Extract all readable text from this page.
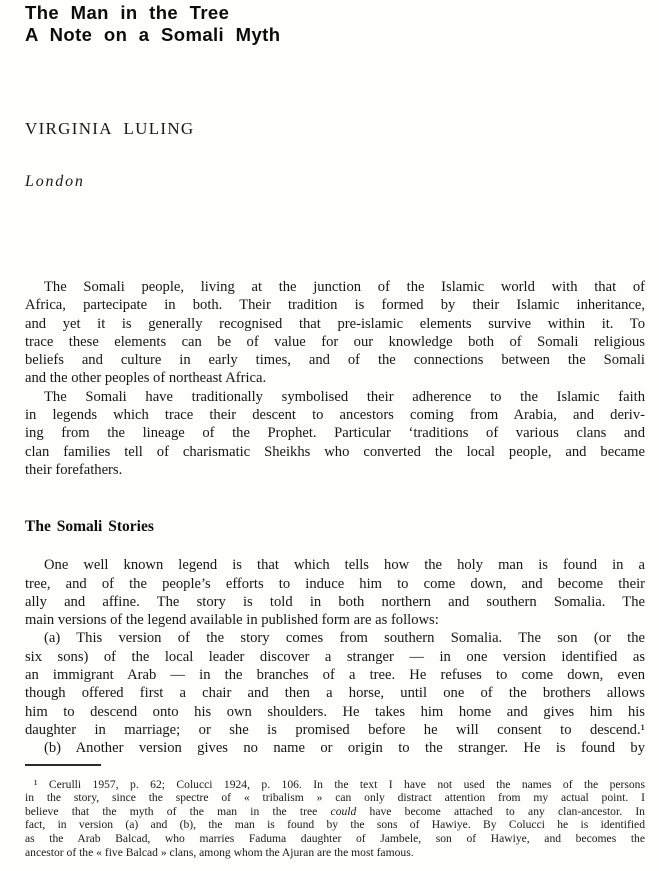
The Man in the Tree
A Note on a Somali Myth
VIRGINIA LULING
London
The Somali people, living at the junction of the Islamic world with that of
Africa, partecipate in both. Their tradition is formed by their Islamic inheritance,
and yet it is generally recognised that pre-islamic elements survive within it. To
trace these elements can be of value for our knowledge both of Somali religious
beliefs and culture in early times, and of the connections between the Somali
and the other peoples of northeast Africa.
The Somali have traditionally symbolised their adherence to the Islamic faith
in legends which trace their descent to ancestors coming from Arabia, and deriv-
ing from the lineage of the Prophet. Particular ‘traditions of various clans and
clan families tell of charismatic Sheikhs who converted the local people, and became
their forefathers.
The Somali Stories
One well known legend is that which tells how the holy man is found in a
tree, and of the people’s efforts to induce him to come down, and become their
ally and affine. The story is told in both northern and southern Somalia. The
main versions of the legend available in published form are as follows:
(a) This version of the story comes from southern Somalia. The son (or the
six sons) of the local leader discover a stranger — in one version identified as
an immigrant Arab — in the branches of a tree. He refuses to come down, even
though offered first a chair and then a horse, until one of the brothers allows
him to descend onto his own shoulders. He takes him home and gives him his
daughter in marriage; or she is promised before he will consent to descend.¹
(b) Another version gives no name or origin to the stranger. He is found by
¹ Cerulli 1957, p. 62; Colucci 1924, p. 106. In the text I have not used the names of the persons
in the story, since the spectre of « tribalism » can only distract attention from my actual point. I
believe that the myth of the man in the tree could have become attached to any clan-ancestor. In
fact, in version (a) and (b), the man is found by the sons of Hawiye. By Colucci he is identified
as the Arab Balcad, who marries Faduma daughter of Jambele, son of Hawiye, and becomes the
ancestor of the « five Balcad » clans, among whom the Ajuran are the most famous.
